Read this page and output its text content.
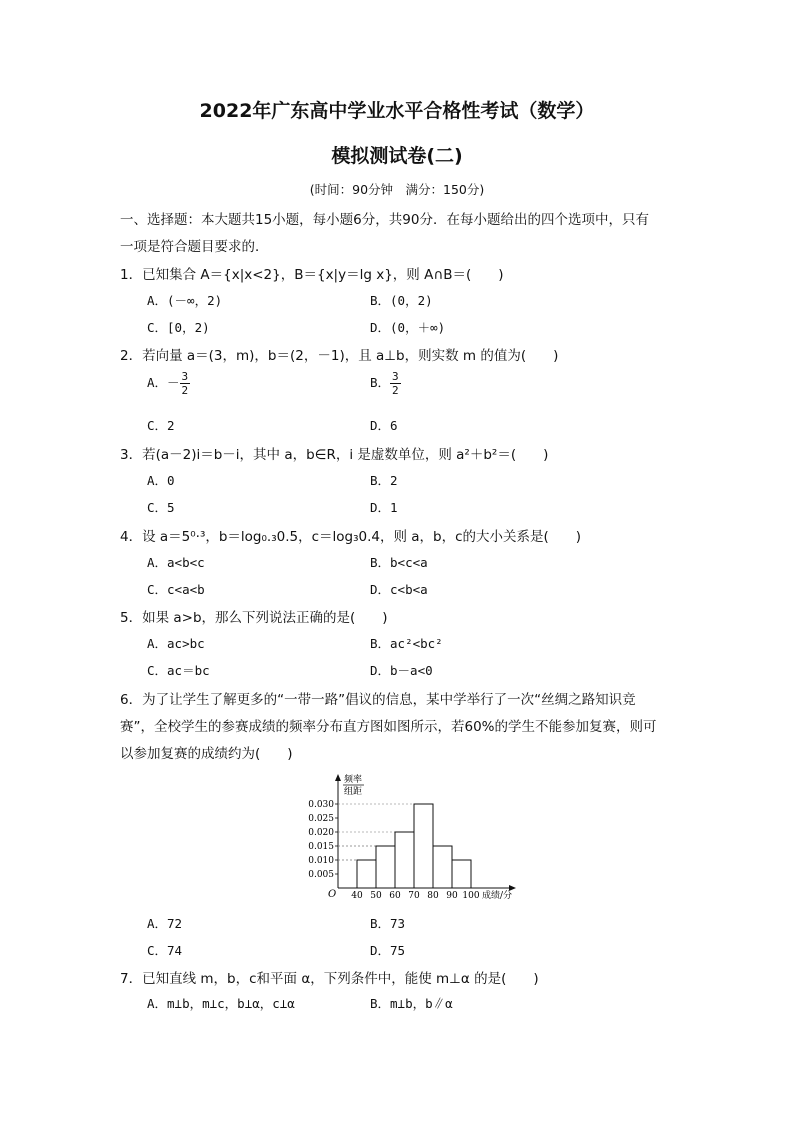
2022年广东高中学业水平合格性考试（数学）
模拟测试卷(二)
(时间：90分钟　满分：150分)
一、选择题：本大题共15小题，每小题6分，共90分．在每小题给出的四个选项中，只有
一项是符合题目要求的．
1．已知集合 A＝{x|x<2}，B＝{x|y＝lg x}，则 A∩B＝(　　)
A．(－∞，2)	B．(0，2)
C．[0，2)	D．(0，＋∞)
2．若向量 a＝(3，m)，b＝(2，－1)，且 a⊥b，则实数 m 的值为(　　)
A．－ $\frac{3}{2}$	B． $\frac{3}{2}$
C．2	D．6
3．若(a－2)i＝b－i，其中 a，b∈R，i 是虚数单位，则 a²＋b²＝(　　)
A．0	B．2
C．5	D．1
4．设 a＝5⁰·³，b＝log₀.₃0.5，c＝log₃0.4，则 a，b，c的大小关系是(　　)
A．a<b<c	B．b<c<a
C．c<a<b	D．c<b<a
5．如果 a>b，那么下列说法正确的是(　　)
A．ac>bc	B．ac²<bc²
C．ac＝bc	D．b－a<0
6．为了让学生了解更多的“一带一路”倡议的信息，某中学举行了一次“丝绸之路知识竞
赛”，全校学生的参赛成绩的频率分布直方图如图所示，若60%的学生不能参加复赛，则可
以参加复赛的成绩约为(　　)
频率
组距
O
0.005
0.010
0.015
0.020
0.025
0.030
40 50 60 70 80 90 100 成绩/分
A．72	B．73
C．74	D．75
7．已知直线 m，b，c和平面 α，下列条件中，能使 m⊥α 的是(　　)
A．m⊥b，m⊥c，b⊥α，c⊥α	B．m⊥b，b∥α
